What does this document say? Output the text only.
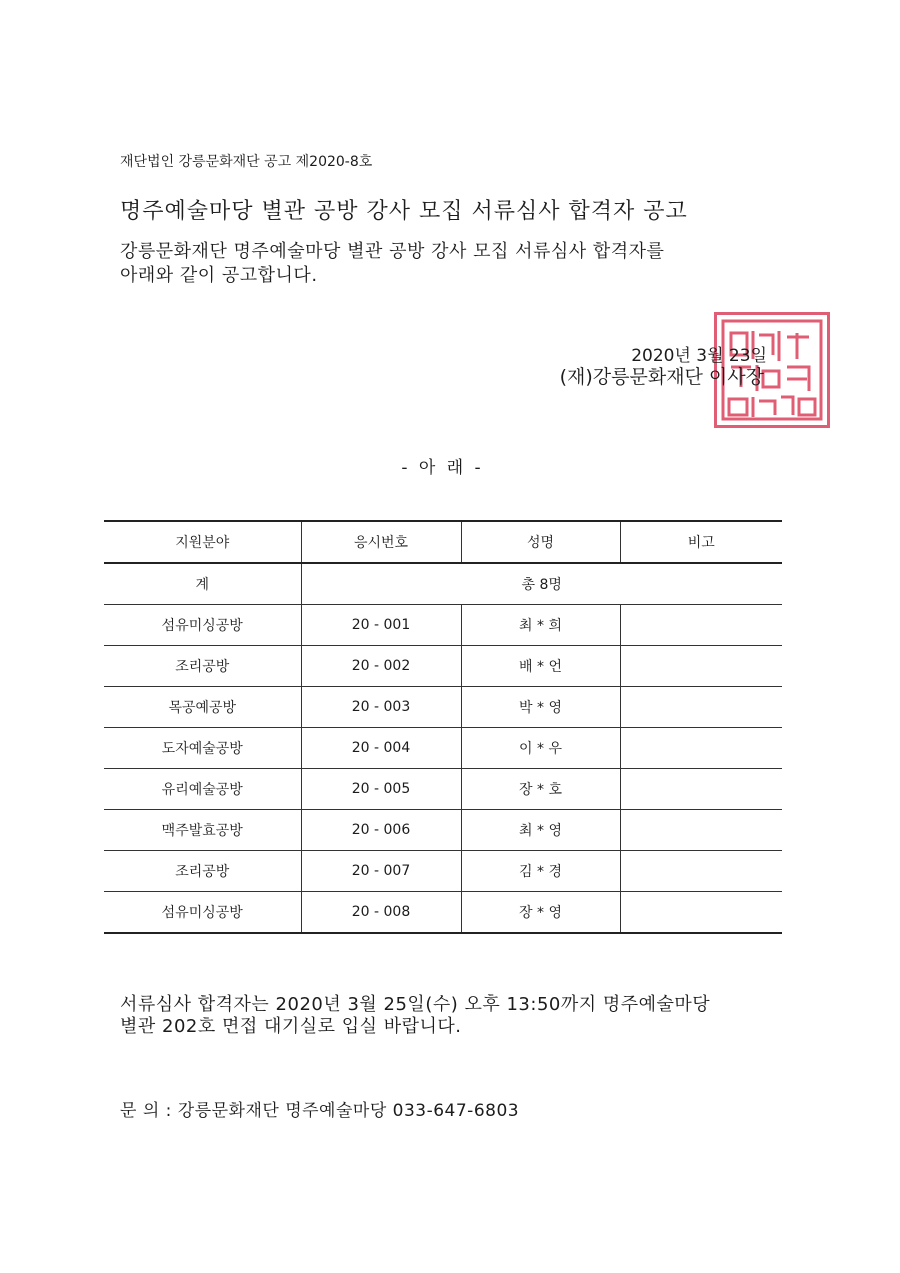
재단법인 강릉문화재단 공고 제2020-8호
명주예술마당 별관 공방 강사 모집 서류심사 합격자 공고
강릉문화재단 명주예술마당 별관 공방 강사 모집 서류심사 합격자를
아래와 같이 공고합니다.
2020년 3월 23일
(재)강릉문화재단 이사장
- 아 래 -
지원분야	응시번호	성명	비고
계	총 8명		
섬유미싱공방	20 - 001	최 * 희	
조리공방	20 - 002	배 * 언	
목공예공방	20 - 003	박 * 영	
도자예술공방	20 - 004	이 * 우	
유리예술공방	20 - 005	장 * 호	
맥주발효공방	20 - 006	최 * 영	
조리공방	20 - 007	김 * 경	
섬유미싱공방	20 - 008	장 * 영	
서류심사 합격자는 2020년 3월 25일(수) 오후 13:50까지 명주예술마당
별관 202호 면접 대기실로 입실 바랍니다.
문 의 : 강릉문화재단 명주예술마당 033-647-6803
